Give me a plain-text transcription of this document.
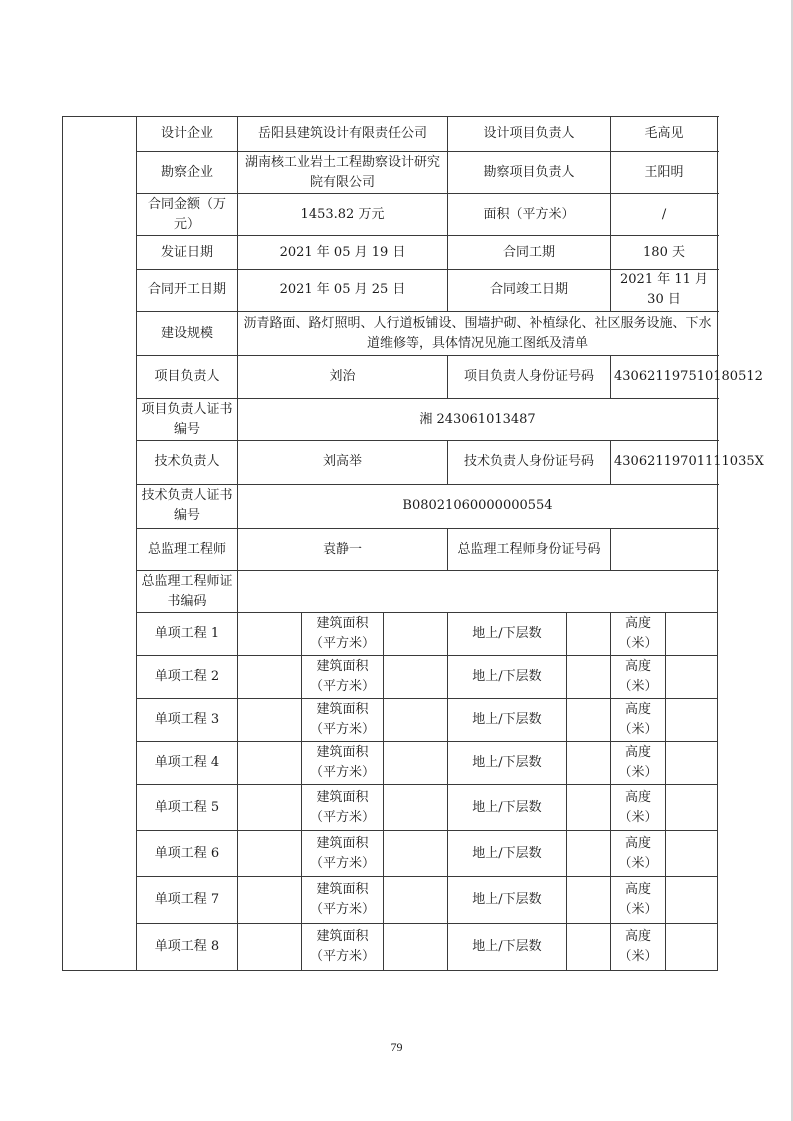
	设计企业	岳阳县建筑设计有限责任公司			设计项目负责人		毛高见	
	勘察企业	湖南核工业岩土工程勘察设计研究院有限公司			勘察项目负责人		王阳明	
	合同金额（万元）	1453.82 万元			面积（平方米）		/	
	发证日期	2021 年 05 月 19 日			合同工期		180 天	
	合同开工日期	2021 年 05 月 25 日			合同竣工日期		2021 年 11 月 30 日	
	建设规模	沥青路面、路灯照明、人行道板铺设、围墙护砌、补植绿化、社区服务设施、下水道维修等，具体情况见施工图纸及清单						
	项目负责人	刘治			项目负责人身份证号码		430621197510180512	
	项目负责人证书编号	湘 243061013487						
	技术负责人	刘高举			技术负责人身份证号码		43062119701111035X	
	技术负责人证书编号	B08021060000000554						
	总监理工程师	袁静一			总监理工程师身份证号码			
	总监理工程师证书编码							
	单项工程 1		建筑面积（平方米）		地上/下层数		高度（米）	
	单项工程 2		建筑面积（平方米）		地上/下层数		高度（米）	
	单项工程 3		建筑面积（平方米）		地上/下层数		高度（米）	
	单项工程 4		建筑面积（平方米）		地上/下层数		高度（米）	
	单项工程 5		建筑面积（平方米）		地上/下层数		高度（米）	
	单项工程 6		建筑面积（平方米）		地上/下层数		高度（米）	
	单项工程 7		建筑面积（平方米）		地上/下层数		高度（米）	
	单项工程 8		建筑面积（平方米）		地上/下层数		高度（米）	
79
